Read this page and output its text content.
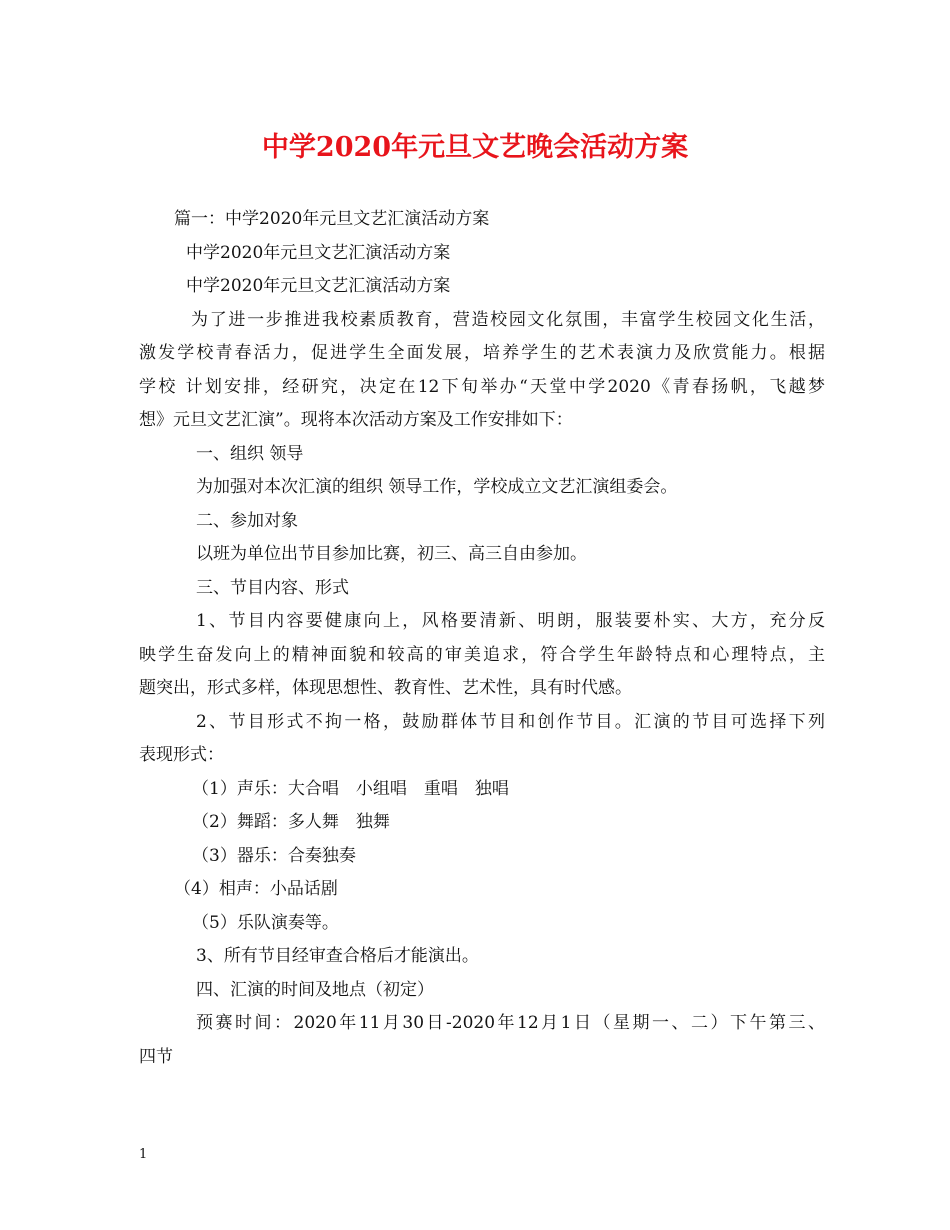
中学2020年元旦文艺晚会活动方案
篇一：中学2020年元旦文艺汇演活动方案
中学2020年元旦文艺汇演活动方案
中学2020年元旦文艺汇演活动方案
为了进一步推进我校素质教育，营造校园文化氛围，丰富学生校园文化生活，
激发学校青春活力，促进学生全面发展，培养学生的艺术表演力及欣赏能力。根据
学校 计划安排，经研究，决定在12下旬举办“天堂中学2020《青春扬帆，飞越梦
想》元旦文艺汇演”。现将本次活动方案及工作安排如下：
一、组织 领导
为加强对本次汇演的组织 领导工作，学校成立文艺汇演组委会。
二、参加对象
以班为单位出节目参加比赛，初三、高三自由参加。
三、节目内容、形式
1、节目内容要健康向上，风格要清新、明朗，服装要朴实、大方，充分反
映学生奋发向上的精神面貌和较高的审美追求，符合学生年龄特点和心理特点，主
题突出，形式多样，体现思想性、教育性、艺术性，具有时代感。
2、节目形式不拘一格，鼓励群体节目和创作节目。汇演的节目可选择下列
表现形式：
（1）声乐：大合唱　小组唱　重唱　独唱
（2）舞蹈：多人舞　独舞
（3）器乐：合奏独奏
（4）相声：小品话剧
（5）乐队演奏等。
3、所有节目经审查合格后才能演出。
四、汇演的时间及地点（初定）
预赛时间：2020年11月30日-2020年12月1日（星期一、二）下午第三、
四节
1
